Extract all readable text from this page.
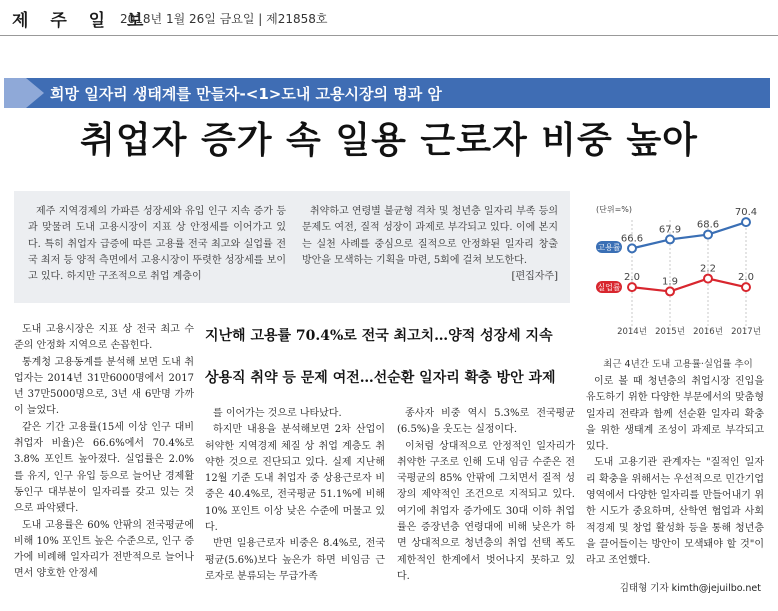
제 주 일 보
2018년 1월 26일 금요일 | 제21858호
희망 일자리 생태계를 만들자-<1>도내 고용시장의 명과 암
취업자 증가 속 일용 근로자 비중 높아

제주 지역경제의 가파른 성장세와 유입 인구 지속 증가 등과 맞물려 도내 고용시장이 지표 상 안정세를 이어가고 있다. 특히 취업자 급증에 따른 고용률 전국 최고와 실업률 전국 최저 등 양적 측면에서 고용시장이 뚜렷한 성장세를 보이고 있다. 하지만 구조적으로 취업 계층이

취약하고 연령별 불균형 격차 및 청년층 일자리 부족 등의 문제도 여전, 질적 성장이 과제로 부각되고 있다. 이에 본지는 실천 사례를 중심으로 질적으로 안정화된 일자리 창출 방안을 모색하는 기획을 마련, 5회에 걸쳐 보도한다.

[편집자주]

도내 고용시장은 지표 상 전국 최고 수준의 안정화 지역으로 손꼽힌다.

통계청 고용동계를 분석해 보면 도내 취업자는 2014년 31만6000명에서 2017년 37만5000명으로, 3년 새 6만명 가까이 늘었다.

같은 기간 고용률(15세 이상 인구 대비 취업자 비율)은 66.6%에서 70.4%로 3.8% 포인트 높아졌다. 실업률은 2.0%를 유지, 인구 유입 등으로 늘어난 경제활동인구 대부분이 일자리를 갖고 있는 것으로 파악됐다.

도내 고용률은 60% 안팎의 전국평균에 비해 10% 포인트 높은 수준으로, 인구 증가에 비례해 일자리가 전반적으로 늘어나면서 양호한 안정세

지난해 고용률 70.4%로 전국 최고치…양적 성장세 지속
상용직 취약 등 문제 여전…선순환 일자리 확충 방안 과제

를 이어가는 것으로 나타났다.

하지만 내용을 분석해보면 2차 산업이 허약한 지역경제 체질 상 취업 계층도 취약한 것으로 진단되고 있다. 실제 지난해 12월 기준 도내 취업자 중 상용근로자 비중은 40.4%로, 전국평균 51.1%에 비해 10% 포인트 이상 낮은 수준에 머물고 있다.

반면 일용근로자 비중은 8.4%로, 전국평균(5.6%)보다 높은가 하면 비임금 근로자로 분류되는 무급가족

종사자 비중 역시 5.3%로 전국평균(6.5%)을 웃도는 실정이다.

이처럼 상대적으로 안정적인 일자리가 취약한 구조로 인해 도내 임금 수준은 전국평균의 85% 안팎에 그치면서 질적 성장의 제약적인 조건으로 지적되고 있다. 여기에 취업자 증가에도 30대 이하 취업률은 증장년층 연령대에 비해 낮은가 하면 상대적으로 청년층의 취업 선택 폭도 제한적인 한계에서 벗어나지 못하고 있다.

(단위=%)
66.6
67.9 68.6
70.4
고용률
2.0 1.9
2.2
2.0
실업률
2014년 2015년 2016년 2017년
최근 4년간 도내 고용률·실업률 추이

이로 볼 때 청년층의 취업시장 진입을 유도하기 위한 다양한 부문에서의 맞춤형 일자리 전략과 함께 선순환 일자리 확충을 위한 생태계 조성이 과제로 부각되고 있다.

도내 고용기관 관계자는 "질적인 일자리 확충을 위해서는 우선적으로 민간기업 영역에서 다양한 일자리를 만들어내기 위한 시도가 중요하며, 산학연 협업과 사회적경제 및 창업 활성화 등을 통해 청년층을 끌어들이는 방안이 모색돼야 할 것"이라고 조언했다.

김태형 기자 kimth@jejuilbo.net
